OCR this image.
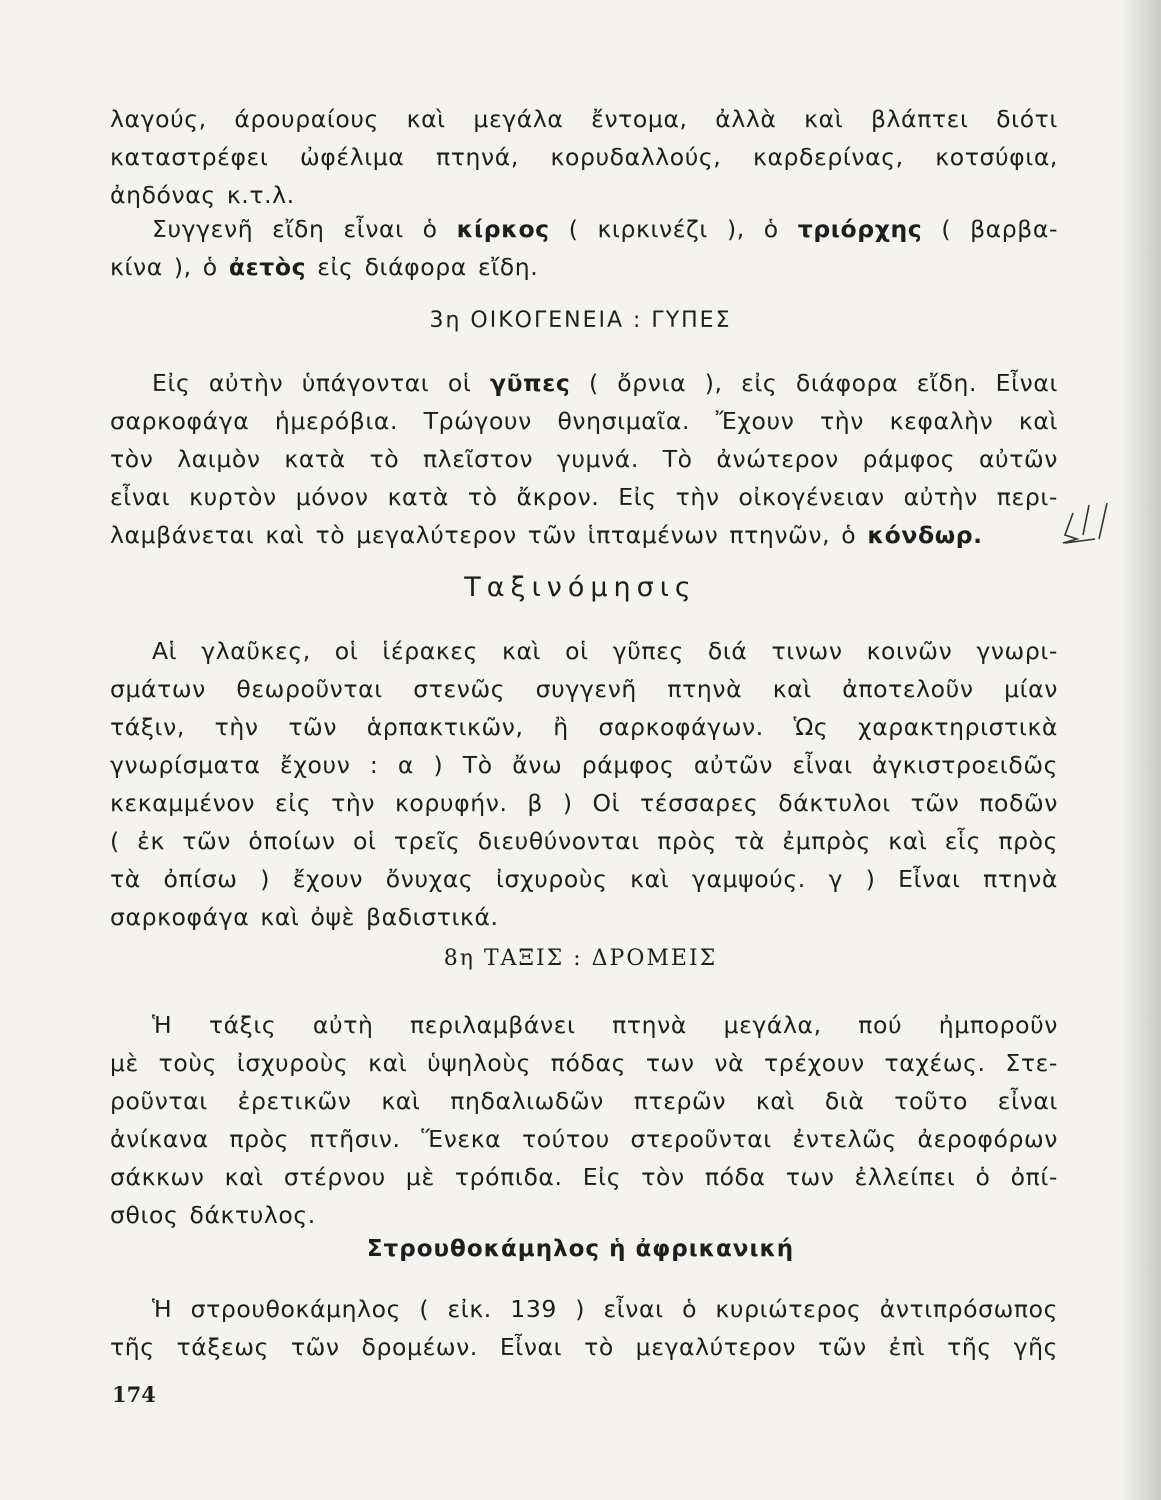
λαγούς, άρουραίους καὶ μεγάλα ἔντομα, ἀλλὰ καὶ βλάπτει διότι
καταστρέφει ὠφέλιμα πτηνά, κορυδαλλούς, καρδερίνας, κοτσύφια,
ἀηδόνας κ.τ.λ.

Συγγενῆ εἴδη εἶναι ὁ κίρκος ( κιρκινέζι ), ὁ τριόρχης ( βαρβα-
κίνα ), ὁ ἀετὸς εἰς διάφορα εἴδη.

3η ΟΙΚΟΓΕΝΕΙΑ : ΓΥΠΕΣ

Εἰς αὐτὴν ὑπάγονται οἱ γῦπες ( ὄρνια ), εἰς διάφορα εἴδη. Εἶναι
σαρκοφάγα ἡμερόβια. Τρώγουν θνησιμαῖα. Ἔχουν τὴν κεφαλὴν καὶ
τὸν λαιμὸν κατὰ τὸ πλεῖστον γυμνά. Τὸ ἀνώτερον ράμφος αὐτῶν
εἶναι κυρτὸν μόνον κατὰ τὸ ἄκρον. Εἰς τὴν οἰκογένειαν αὐτὴν περι-
λαμβάνεται καὶ τὸ μεγαλύτερον τῶν ἱπταμένων πτηνῶν, ὁ κόνδωρ.

Ταξινόμησις

Αἱ γλαῦκες, οἱ ἱέρακες καὶ οἱ γῦπες διά τινων κοινῶν γνωρι-
σμάτων θεωροῦνται στενῶς συγγενῆ πτηνὰ καὶ ἀποτελοῦν μίαν
τάξιν, τὴν τῶν ἁρπακτικῶν, ἢ σαρκοφάγων. Ὡς χαρακτηριστικὰ
γνωρίσματα ἔχουν : α ) Τὸ ἄνω ράμφος αὐτῶν εἶναι ἀγκιστροειδῶς
κεκαμμένον εἰς τὴν κορυφήν. β ) Οἱ τέσσαρες δάκτυλοι τῶν ποδῶν
( ἐκ τῶν ὁποίων οἱ τρεῖς διευθύνονται πρὸς τὰ ἐμπρὸς καὶ εἷς πρὸς
τὰ ὀπίσω ) ἔχουν ὄνυχας ἰσχυροὺς καὶ γαμψούς. γ ) Εἶναι πτηνὰ
σαρκοφάγα καὶ ὀψὲ βαδιστικά.

8η ΤΑΞΙΣ : ΔΡΟΜΕΙΣ

Ἡ τάξις αὐτὴ περιλαμβάνει πτηνὰ μεγάλα, πού ἠμποροῦν
μὲ τοὺς ἰσχυροὺς καὶ ὑψηλοὺς πόδας των νὰ τρέχουν ταχέως. Στε-
ροῦνται ἐρετικῶν καὶ πηδαλιωδῶν πτερῶν καὶ διὰ τοῦτο εἶναι
ἀνίκανα πρὸς πτῆσιν. Ἕνεκα τούτου στεροῦνται ἐντελῶς ἀεροφόρων
σάκκων καὶ στέρνου μὲ τρόπιδα. Εἰς τὸν πόδα των ἐλλείπει ὁ ὀπί-
σθιος δάκτυλος.

Στρουθοκάμηλος ἡ ἀφρικανική

Ἡ στρουθοκάμηλος ( εἰκ. 139 ) εἶναι ὁ κυριώτερος ἀντιπρόσωπος
τῆς τάξεως τῶν δρομέων. Εἶναι τὸ μεγαλύτερον τῶν ἐπὶ τῆς γῆς

174
